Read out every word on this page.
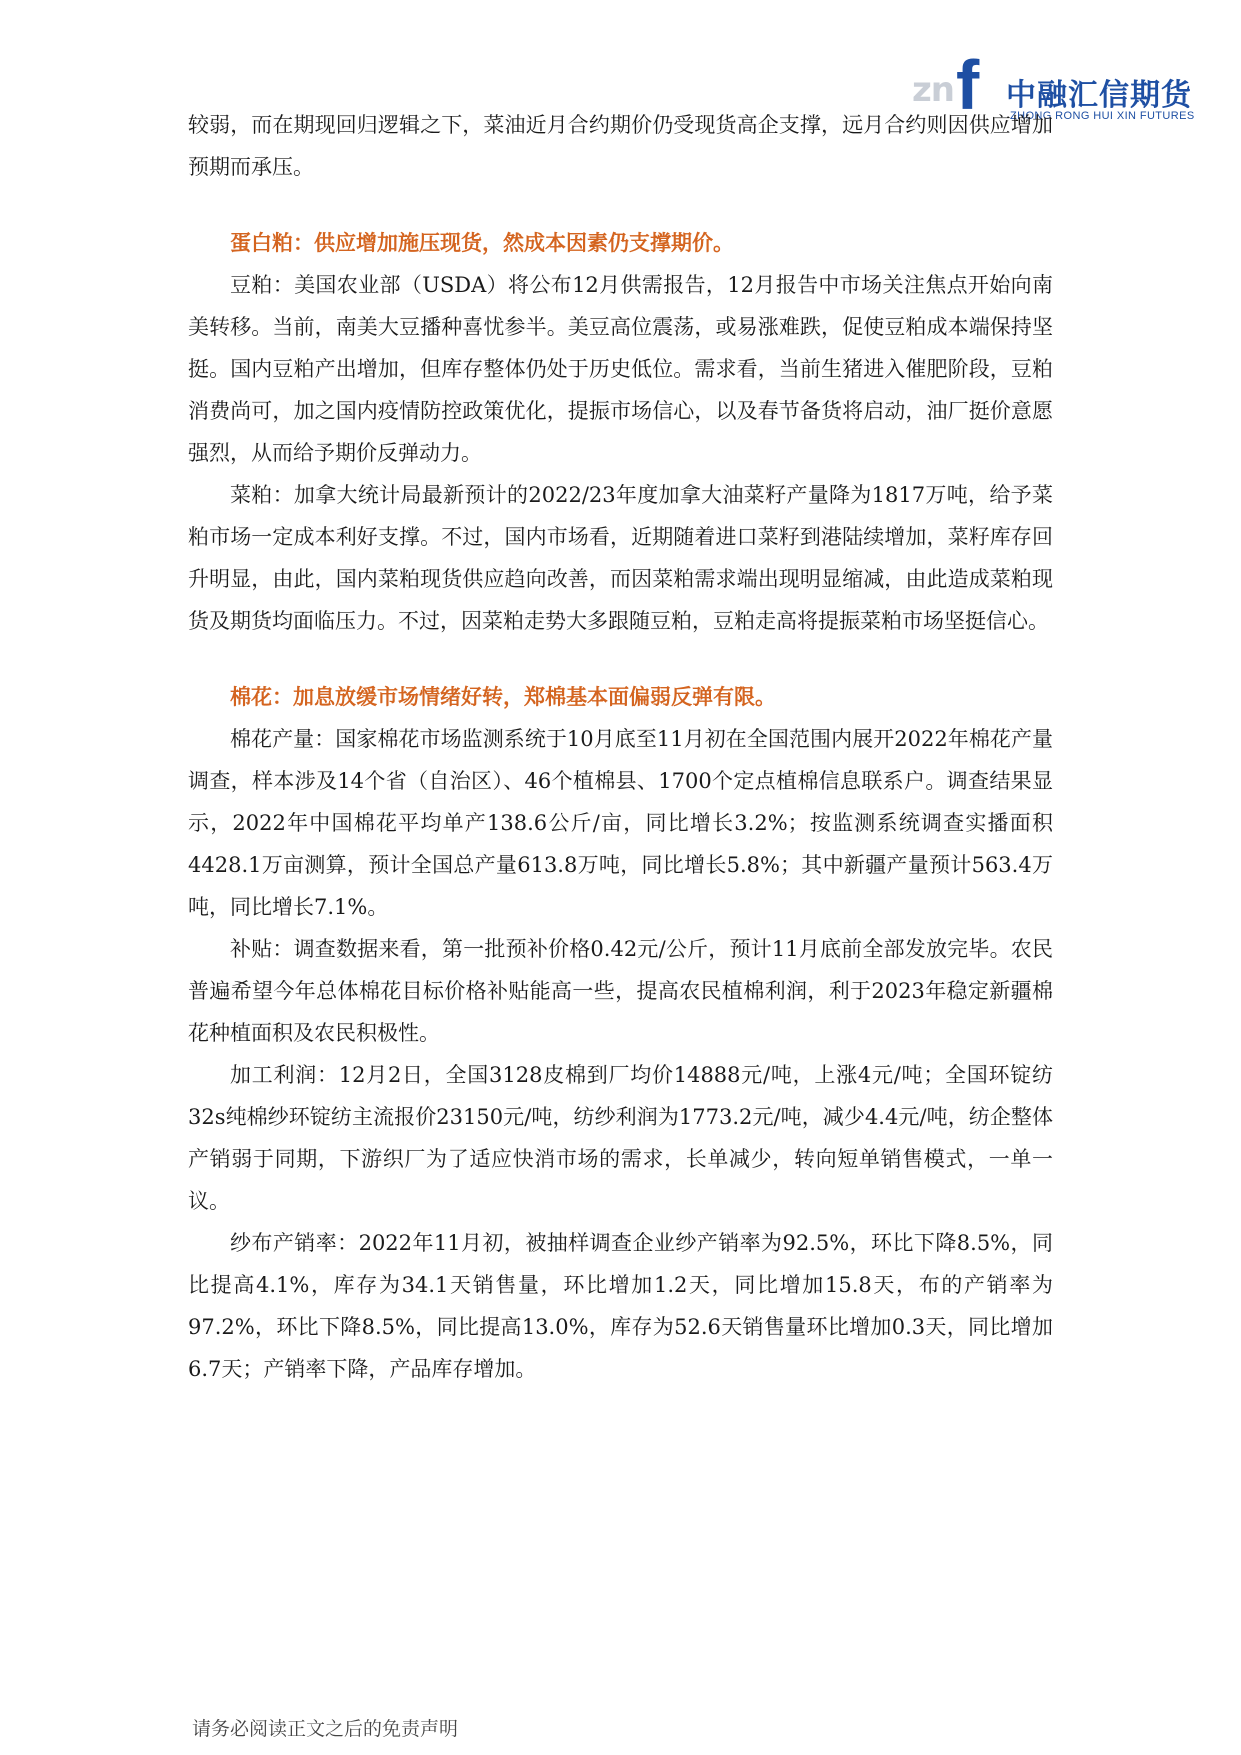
zn f 中融汇信期货
ZHONG RONG HUI XIN FUTURES

较弱，而在期现回归逻辑之下，菜油近月合约期价仍受现货高企支撑，远月合约则因供应增加预期而承压。

蛋白粕：供应增加施压现货，然成本因素仍支撑期价。

豆粕：美国农业部（USDA）将公布12月供需报告，12月报告中市场关注焦点开始向南美转移。当前，南美大豆播种喜忧参半。美豆高位震荡，或易涨难跌，促使豆粕成本端保持坚挺。国内豆粕产出增加，但库存整体仍处于历史低位。需求看，当前生猪进入催肥阶段，豆粕消费尚可，加之国内疫情防控政策优化，提振市场信心，以及春节备货将启动，油厂挺价意愿强烈，从而给予期价反弹动力。

菜粕：加拿大统计局最新预计的2022/23年度加拿大油菜籽产量降为1817万吨，给予菜粕市场一定成本利好支撑。不过，国内市场看，近期随着进口菜籽到港陆续增加，菜籽库存回升明显，由此，国内菜粕现货供应趋向改善，而因菜粕需求端出现明显缩减，由此造成菜粕现货及期货均面临压力。不过，因菜粕走势大多跟随豆粕，豆粕走高将提振菜粕市场坚挺信心。

棉花：加息放缓市场情绪好转，郑棉基本面偏弱反弹有限。

棉花产量：国家棉花市场监测系统于10月底至11月初在全国范围内展开2022年棉花产量调查，样本涉及14个省（自治区）、46个植棉县、1700个定点植棉信息联系户。调查结果显示，2022年中国棉花平均单产138.6公斤/亩，同比增长3.2%；按监测系统调查实播面积4428.1万亩测算，预计全国总产量613.8万吨，同比增长5.8%；其中新疆产量预计563.4万吨，同比增长7.1%。

补贴：调查数据来看，第一批预补价格0.42元/公斤，预计11月底前全部发放完毕。农民普遍希望今年总体棉花目标价格补贴能高一些，提高农民植棉利润，利于2023年稳定新疆棉花种植面积及农民积极性。

加工利润：12月2日，全国3128皮棉到厂均价14888元/吨，上涨4元/吨；全国环锭纺32s纯棉纱环锭纺主流报价23150元/吨，纺纱利润为1773.2元/吨，减少4.4元/吨，纺企整体产销弱于同期，下游织厂为了适应快消市场的需求，长单减少，转向短单销售模式，一单一议。

纱布产销率：2022年11月初，被抽样调查企业纱产销率为92.5%，环比下降8.5%，同比提高4.1%，库存为34.1天销售量，环比增加1.2天，同比增加15.8天，布的产销率为97.2%，环比下降8.5%，同比提高13.0%，库存为52.6天销售量环比增加0.3天，同比增加6.7天；产销率下降，产品库存增加。

请务必阅读正文之后的免责声明
